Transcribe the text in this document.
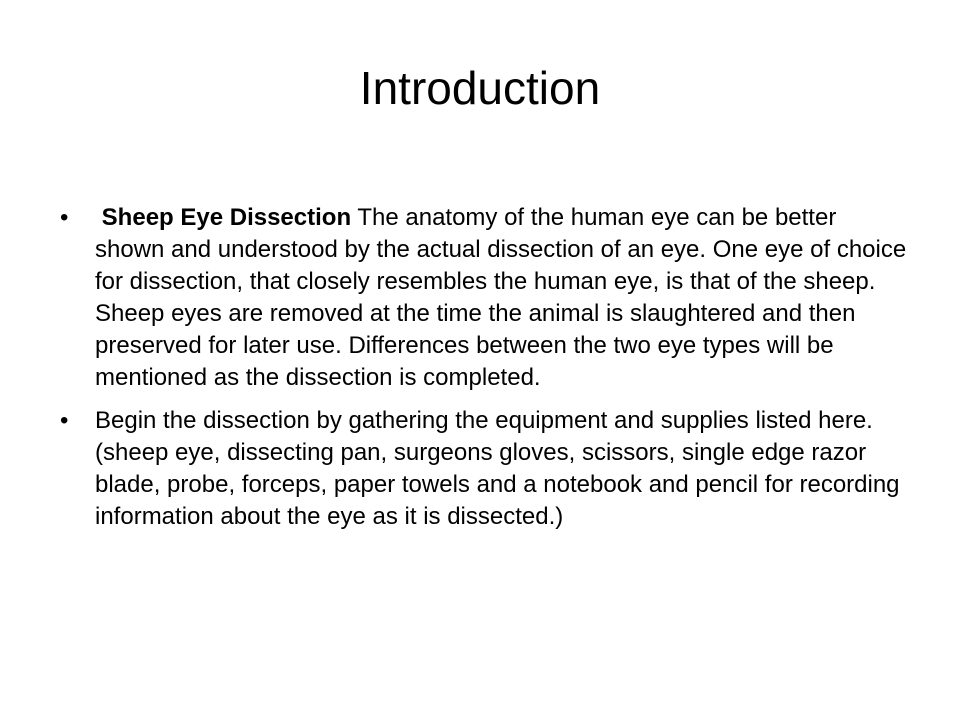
Introduction
•	Sheep Eye Dissection The anatomy of the human eye can be better shown and understood by the actual dissection of an eye. One eye of choice for dissection, that closely resembles the human eye, is that of the sheep. Sheep eyes are removed at the time the animal is slaughtered and then preserved for later use. Differences between the two eye types will be mentioned as the dissection is completed.
•	Begin the dissection by gathering the equipment and supplies listed here. (sheep eye, dissecting pan, surgeons gloves, scissors, single edge razor blade, probe, forceps, paper towels and a notebook and pencil for recording information about the eye as it is dissected.)
